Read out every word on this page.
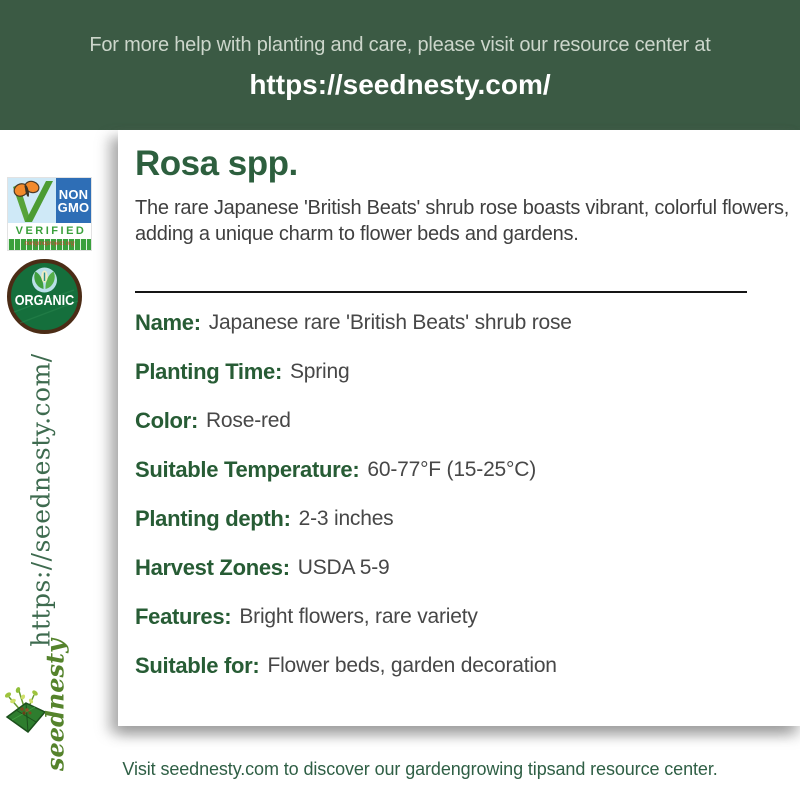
For more help with planting and care, please visit our resource center at
https://seednesty.com/
NON
GMO
VERIFIED
nongmoproject.org
ORGANIC
https://seednesty.com/
seednesty
Rosa spp.

The rare Japanese 'British Beats' shrub rose boasts vibrant, colorful flowers, adding a unique charm to flower beds and gardens.

Name: Japanese rare 'British Beats' shrub rose
Planting Time: Spring
Color: Rose-red
Suitable Temperature: 60-77°F (15-25°C)
Planting depth: 2-3 inches
Harvest Zones: USDA 5-9
Features: Bright flowers, rare variety
Suitable for: Flower beds, garden decoration
Visit seednesty.com to discover our gardengrowing tipsand resource center.
